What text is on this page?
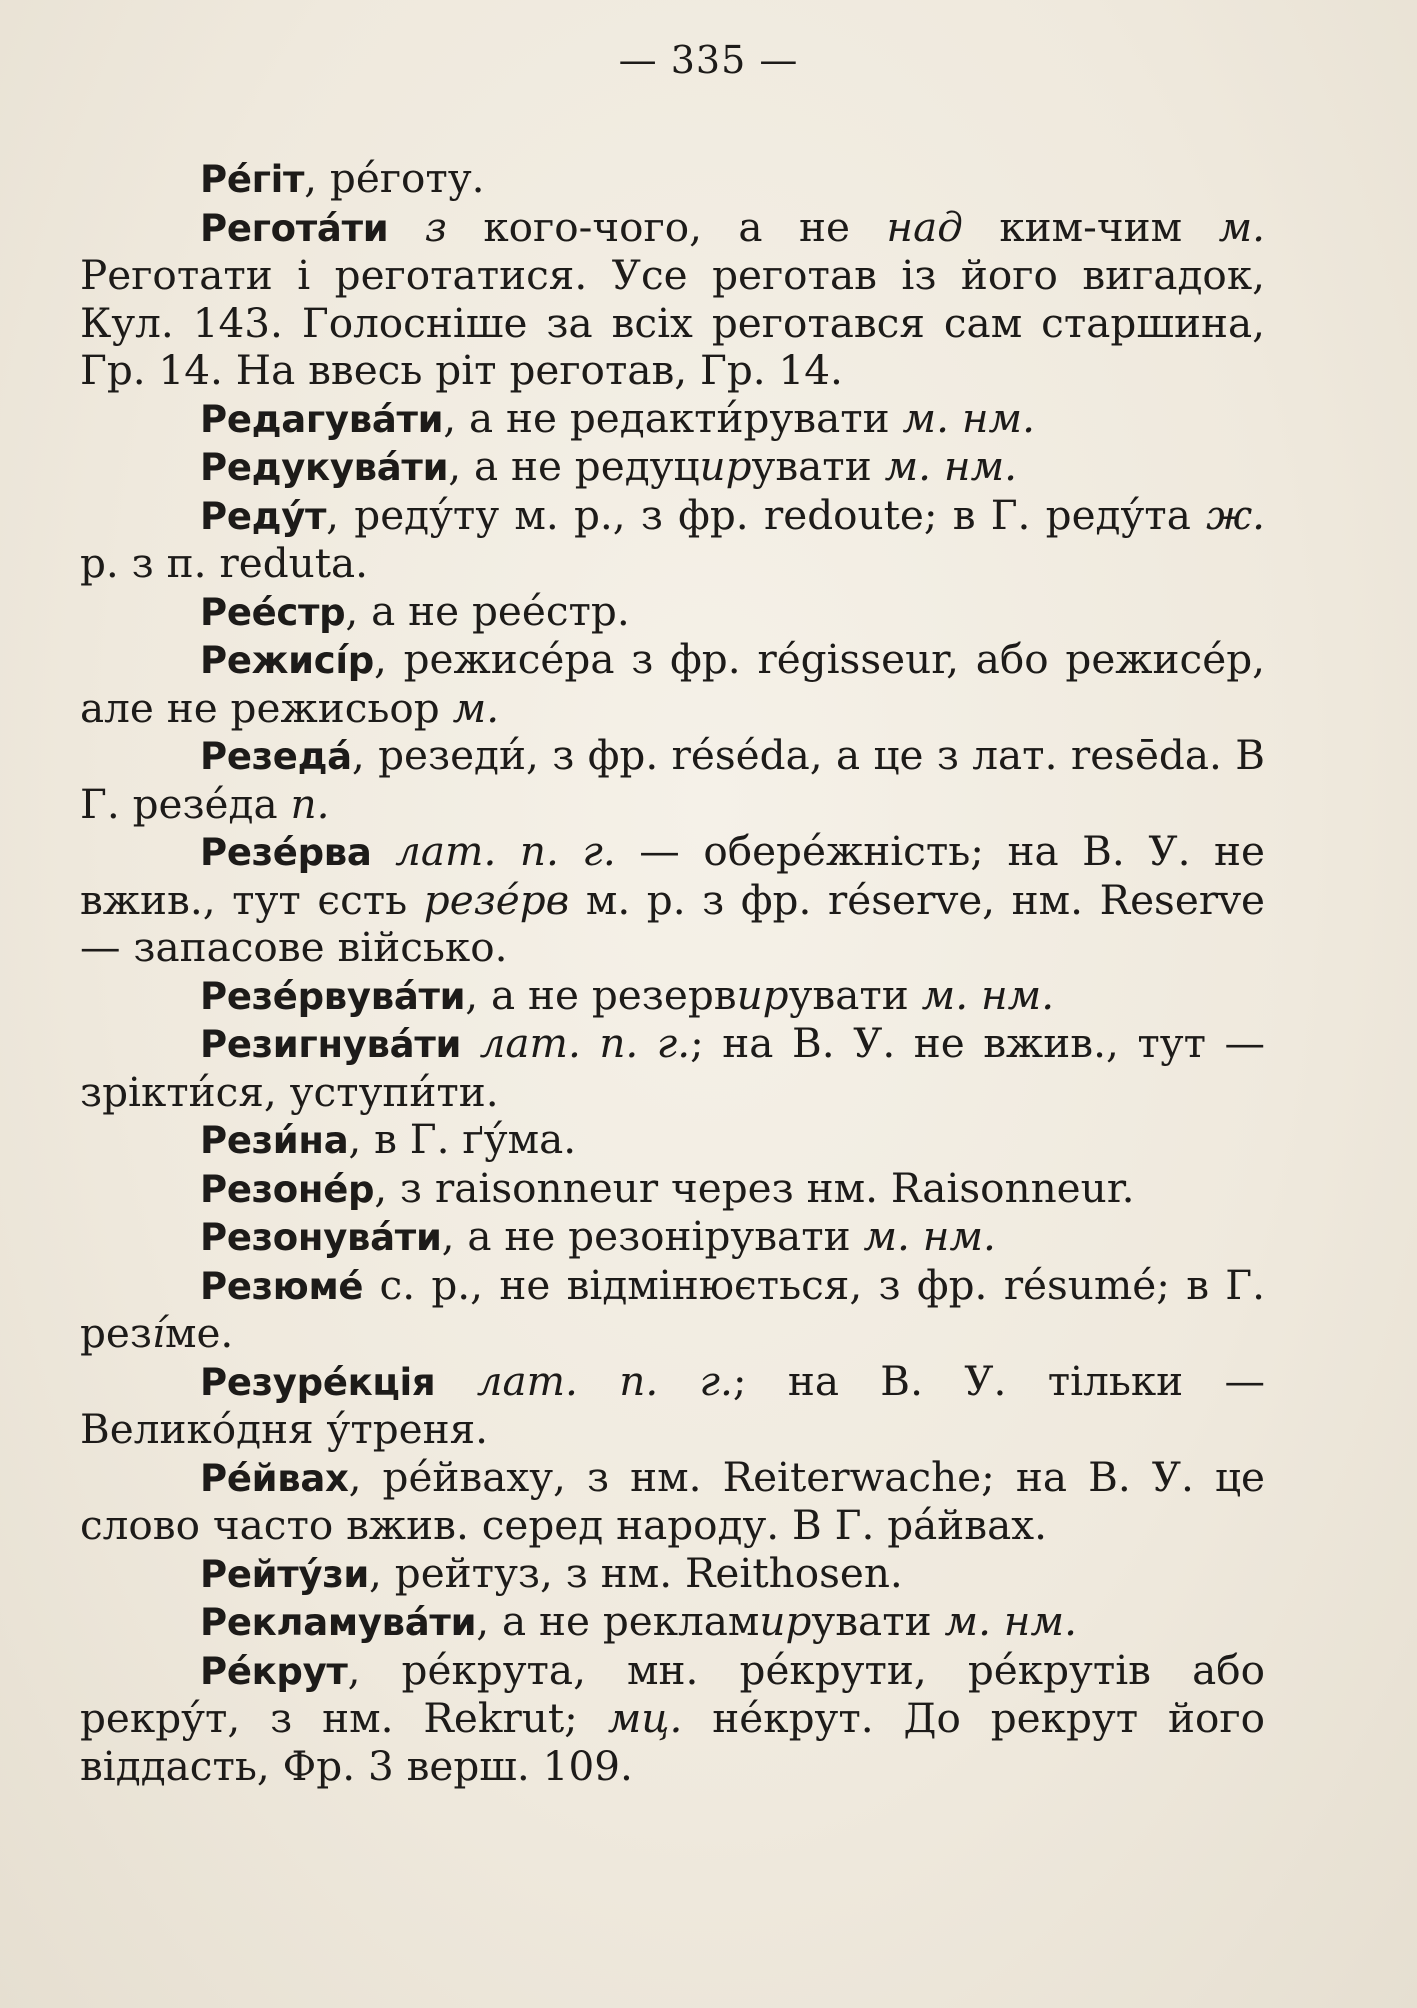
— 335 —

Ре́гіт, ре́готу.

Регота́ти з кого-чого, а не над ким-чим м. Реготати і реготатися. Усе реготав із його вигадок, Кул. 143. Голосніше за всіх реготався сам старшина, Гр. 14. На ввесь ріт реготав, Гр. 14.

Редагува́ти, а не редакти́рувати м. нм.

Редукува́ти, а не редуцирувати м. нм.

Реду́т, реду́ту м. р., з фр. redoute; в Г. реду́та ж. р. з п. reduta.

Рее́стр, а не рее́стр.

Режисі́р, режисе́ра з фр. régisseur, або режисе́р, але не режисьор м.

Резеда́, резеди́, з фр. réséda, а це з лат. resēda. В Г. резе́да п.

Резе́рва лат. п. г. — обере́жність; на В. У. не вжив., тут єсть резе́рв м. р. з фр. réserve, нм. Reserve — запасове військо.

Резе́рвува́ти, а не резервирувати м. нм.

Резигнува́ти лат. п. г.; на В. У. не вжив., тут — зрікти́ся, уступи́ти.

Рези́на, в Г. ґу́ма.

Резоне́р, з raisonneur через нм. Raisonneur.

Резонува́ти, а не резонірувати м. нм.

Резюме́ с. р., не відмінюється, з фр. résumé; в Г. резі́ме.

Резуре́кція лат. п. г.; на В. У. тільки — Великóдня у́треня.

Ре́йвах, ре́йваху, з нм. Reiterwache; на В. У. це слово часто вжив. серед народу. В Г. ра́йвах.

Рейту́зи, рейтуз, з нм. Reithosen.

Рекламува́ти, а не рекламирувати м. нм.

Ре́крут, ре́крута, мн. ре́крути, ре́крутів або рекру́т, з нм. Rekrut; мц. не́крут. До рекрут його віддасть, Фр. 3 верш. 109.
